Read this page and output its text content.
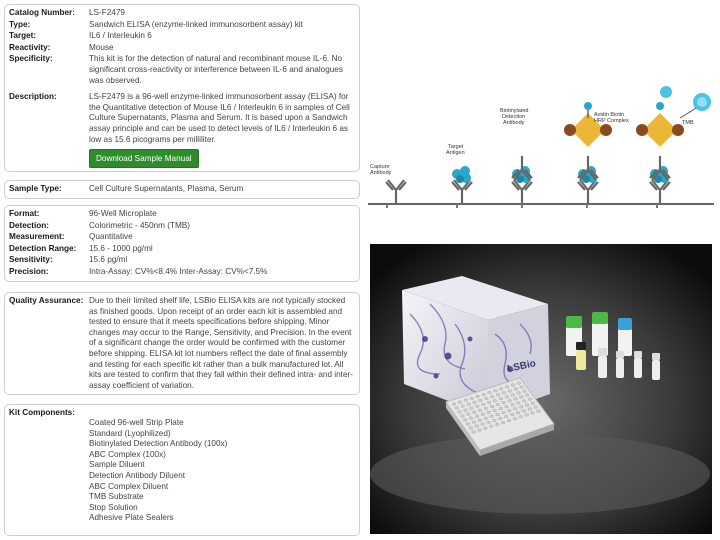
Catalog Number:	LS-F2479
Type:	Sandwich ELISA (enzyme-linked immunosorbent assay) kit
Target:	IL6 / Interleukin 6
Reactivity:	Mouse
Specificity:	This kit is for the detection of natural and recombinant mouse IL-6. No significant cross-reactivity or interference between IL-6 and analogues was observed.
Description:	LS-F2479 is a 96-well enzyme-linked immunosorbent assay (ELISA) for the Quantitative detection of Mouse IL6 / Interleukin 6 in samples of Cell Culture Supernatants, Plasma and Serum. It is based upon a Sandwich assay principle and can be used to detect levels of IL6 / Interleukin 6 as low as 15.6 picograms per milliliter.
Download Sample Manual
Sample Type:	Cell Culture Supernatants, Plasma, Serum
Format:	96-Well Microplate
Detection:	Colorimetric - 450nm (TMB)
Measurement:	Quantitative
Detection Range:	15.6 - 1000 pg/ml
Sensitivity:	15.6 pg/ml
Precision:	Intra-Assay: CV%<8.4% Inter-Assay: CV%<7.5%
Quality Assurance: Due to their limited shelf life, LSBio ELISA kits are not typically stocked as finished goods. Upon receipt of an order each kit is assembled and tested to ensure that it meets specifications before shipping. Minor changes may occur to the Range, Sensitivity, and Precision. In the event of a significant change the order would be confirmed with the customer before shipping. ELISA kit lot numbers reflect the date of final assembly and testing for each specific kit rather than a bulk manufactured lot. All kits are tested to confirm that they fall within their defined intra- and inter-assay coefficient of variation.
Kit Components:
Coated 96-well Strip Plate
Standard (Lyophilized)
Biotinylated Detection Antibody (100x)
ABC Complex (100x)
Sample Diluent
Detection Antibody Diluent
ABC Complex Diluent
TMB Substrate
Stop Solution
Adhesive Plate Sealers
Capture Antibody
Target Antigen
Biotinylated Detection Antibody
Avidin Biotin HRP Complex	TMB
LSBio
